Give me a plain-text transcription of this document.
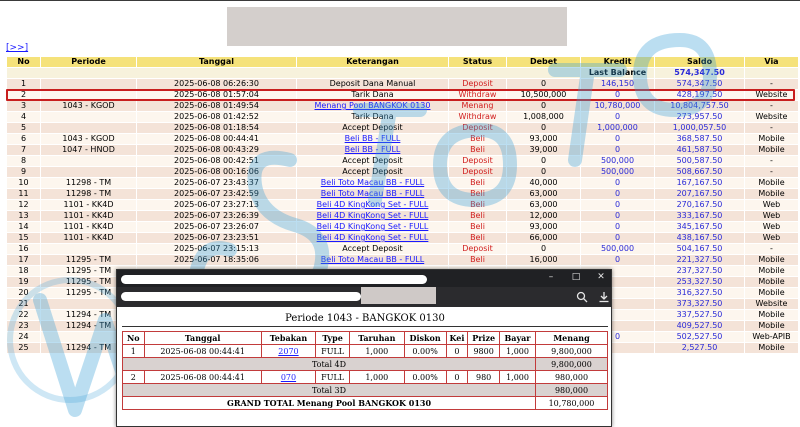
[>>]
No	Periode	Tanggal	Keterangan	Status	Debet	Kredit	Saldo	Via
						Last Balance	574,347.50	
1		2025-06-08 06:26:30	Deposit Dana Manual	Deposit	0	146,150	574,347.50	-
2		2025-06-08 01:57:04	Tarik Dana	Withdraw	10,500,000	0	428,197.50	Website
3	1043 - KGOD	2025-06-08 01:49:54	Menang Pool BANGKOK 0130	Menang	0	10,780,000	10,804,757.50	-
4		2025-06-08 01:42:52	Tarik Dana	Withdraw	1,008,000	0	273,957.50	Website
5		2025-06-08 01:18:54	Accept Deposit	Deposit	0	1,000,000	1,000,057.50	-
6	1043 - KGOD	2025-06-08 00:44:41	Beli BB - FULL	Beli	93,000	0	368,587.50	Mobile
7	1047 - HNOD	2025-06-08 00:43:29	Beli BB - FULL	Beli	39,000	0	461,587.50	Mobile
8		2025-06-08 00:42:51	Accept Deposit	Deposit	0	500,000	500,587.50	-
9		2025-06-08 00:16:06	Accept Deposit	Deposit	0	500,000	508,667.50	-
10	11298 - TM	2025-06-07 23:43:37	Beli Toto Macau BB - FULL	Beli	40,000	0	167,167.50	Mobile
11	11298 - TM	2025-06-07 23:42:59	Beli Toto Macau BB - FULL	Beli	63,000	0	207,167.50	Mobile
12	1101 - KK4D	2025-06-07 23:27:13	Beli 4D KingKong Set - FULL	Beli	63,000	0	270,167.50	Web
13	1101 - KK4D	2025-06-07 23:26:39	Beli 4D KingKong Set - FULL	Beli	12,000	0	333,167.50	Web
14	1101 - KK4D	2025-06-07 23:26:07	Beli 4D KingKong Set - FULL	Beli	93,000	0	345,167.50	Web
15	1101 - KK4D	2025-06-07 23:23:51	Beli 4D KingKong Set - FULL	Beli	66,000	0	438,167.50	Web
16		2025-06-07 23:15:13	Accept Deposit	Deposit	0	500,000	504,167.50	-
17	11295 - TM	2025-06-07 18:35:06	Beli Toto Macau BB - FULL	Beli	16,000	0	221,327.50	Mobile
18	11295 - TM						237,327.50	Mobile
19	11295 - TM						253,327.50	Mobile
20	11295 - TM						316,327.50	Mobile
21							373,327.50	Website
22	11294 - TM						337,527.50	Mobile
23	11294 - TM						409,527.50	Mobile
24						0	502,527.50	Web-APIB
25	11294 - TM						2,527.50	Mobile
–	□	✕
Periode 1043 - BANGKOK 0130
No	Tanggal	Tebakan	Type	Taruhan	Diskon	Kei	Prize	Bayar	Menang
1	2025-06-08 00:44:41	2070	FULL	1,000	0.00%	0	9800	1,000	9,800,000
Total 4D									9,800,000
2	2025-06-08 00:44:41	070	FULL	1,000	0.00%	0	980	1,000	980,000
Total 3D									980,000
GRAND TOTAL Menang Pool BANGKOK 0130									10,780,000
